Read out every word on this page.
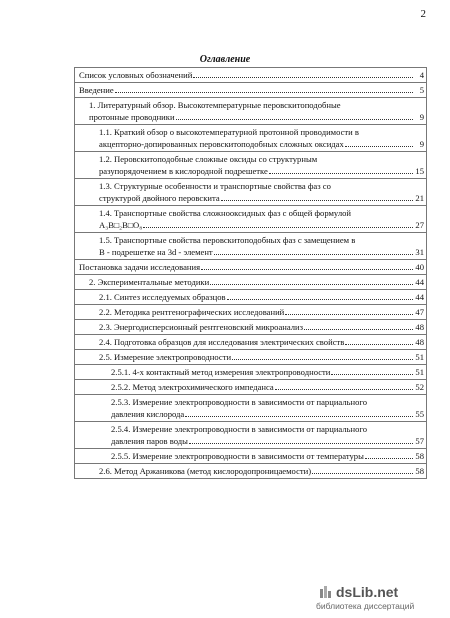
2
Оглавление
Список условных обозначений	4
Введение	5
1. Литературный обзор. Высокотемпературные перовскитоподобные
протонные проводники	9
1.1. Краткий обзор о высокотемпературной протонной проводимости в
акцепторно-допированных перовскитоподобных сложных оксидах	9
1.2. Перовскитоподобные сложные оксиды со структурным
разупорядочением в кислородной подрешетке	15
1.3. Структурные особенности и транспортные свойства фаз со
структурой двойного перовскита	21
1.4. Транспортные свойства сложнооксидных фаз с общей формулой
A₃B□₂B□O₈	27
1.5. Транспортные свойства перовскитоподобных фаз с замещением в
B - подрешетке на 3d - элемент	31
Постановка задачи исследования	40
2. Экспериментальные методики	44
2.1. Синтез исследуемых образцов	44
2.2. Методика рентгенографических исследований	47
2.3. Энергодисперсионный рентгеновский микроанализ	48
2.4. Подготовка образцов для исследования электрических свойств	48
2.5. Измерение электропроводности	51
2.5.1. 4-х контактный метод измерения электропроводности	51
2.5.2. Метод электрохимического импеданса	52
2.5.3. Измерение электропроводности в зависимости от парциального
давления кислорода	55
2.5.4. Измерение электропроводности в зависимости от парциального
давления паров воды	57
2.5.5. Измерение электропроводности в зависимости от температуры	58
2.6. Метод Аржаникова (метод кислородопроницаемости)	58
dsLib.net
библиотека диссертаций
